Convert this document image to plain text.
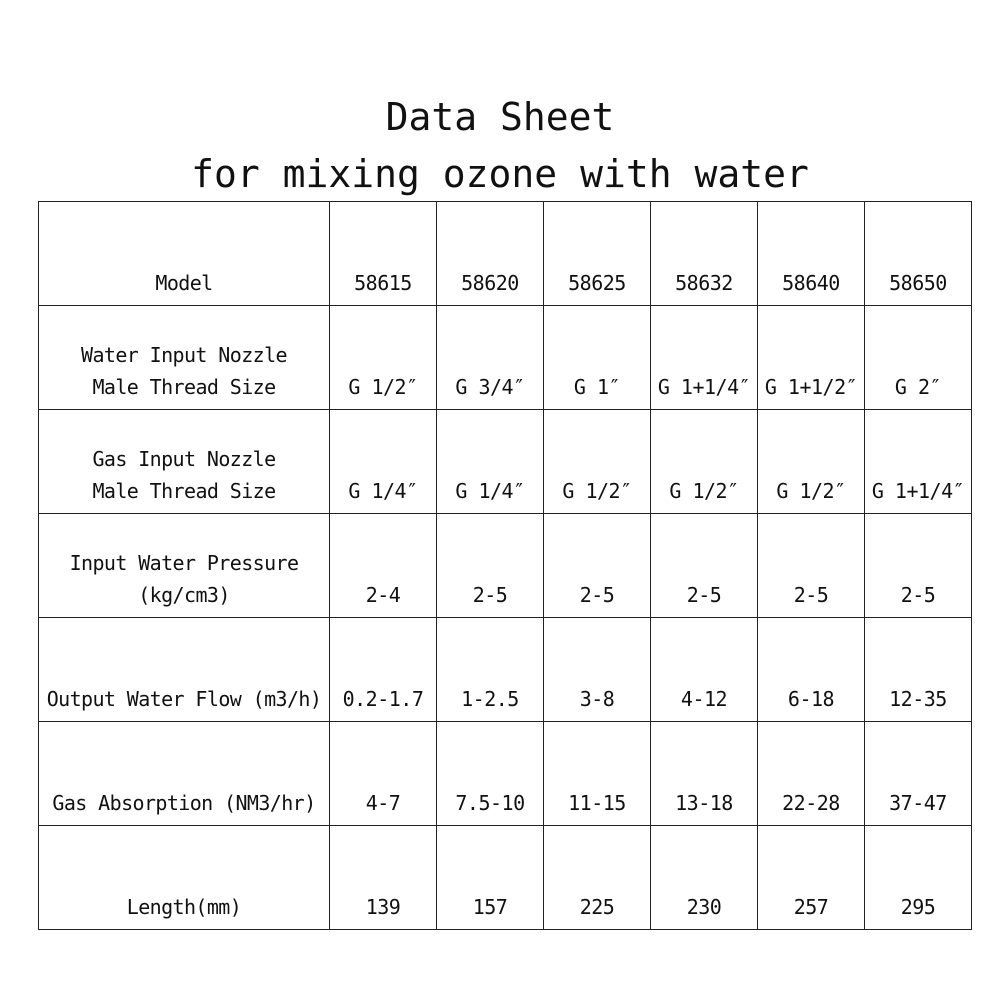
Data Sheet
for mixing ozone with water
Model	58615	58620	58625	58632	58640	58650

Water Input Nozzle
Male Thread Size	G 1/2″	G 3/4″	G 1″	G 1+1/4″	G 1+1/2″	G 2″

Gas Input Nozzle
Male Thread Size	G 1/4″	G 1/4″	G 1/2″	G 1/2″	G 1/2″	G 1+1/4″

Input Water Pressure
(kg/cm3)	2-4	2-5	2-5	2-5	2-5	2-5
Output Water Flow (m3/h)	0.2-1.7	1-2.5	3-8	4-12	6-18	12-35
Gas Absorption (NM3/hr)	4-7	7.5-10	11-15	13-18	22-28	37-47
Length(mm)	139	157	225	230	257	295
